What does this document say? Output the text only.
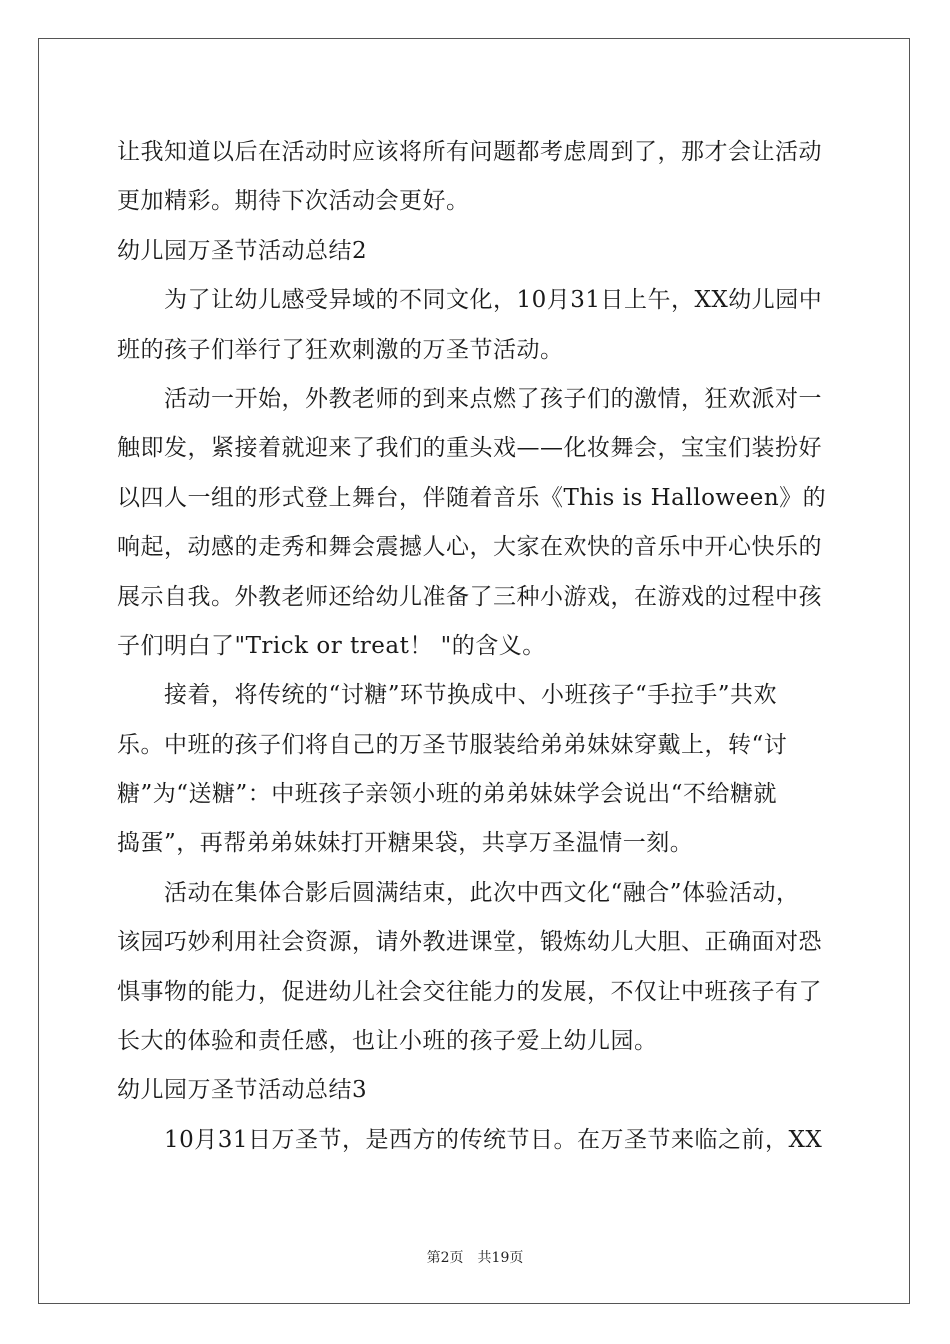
让我知道以后在活动时应该将所有问题都考虑周到了，那才会让活动
更加精彩。期待下次活动会更好。
幼儿园万圣节活动总结2
为了让幼儿感受异域的不同文化，10月31日上午，XX幼儿园中
班的孩子们举行了狂欢刺激的万圣节活动。
活动一开始，外教老师的到来点燃了孩子们的激情，狂欢派对一
触即发，紧接着就迎来了我们的重头戏——化妆舞会，宝宝们装扮好
以四人一组的形式登上舞台，伴随着音乐《This is Halloween》的
响起，动感的走秀和舞会震撼人心，大家在欢快的音乐中开心快乐的
展示自我。外教老师还给幼儿准备了三种小游戏，在游戏的过程中孩
子们明白了"Trick or treat！ "的含义。
接着，将传统的“讨糖”环节换成中、小班孩子“手拉手”共欢
乐。中班的孩子们将自己的万圣节服装给弟弟妹妹穿戴上，转“讨
糖”为“送糖”：中班孩子亲领小班的弟弟妹妹学会说出“不给糖就
捣蛋”，再帮弟弟妹妹打开糖果袋，共享万圣温情一刻。
活动在集体合影后圆满结束，此次中西文化“融合”体验活动，
该园巧妙利用社会资源，请外教进课堂，锻炼幼儿大胆、正确面对恐
惧事物的能力，促进幼儿社会交往能力的发展，不仅让中班孩子有了
长大的体验和责任感，也让小班的孩子爱上幼儿园。
幼儿园万圣节活动总结3
10月31日万圣节，是西方的传统节日。在万圣节来临之前，XX
第2页　共19页
